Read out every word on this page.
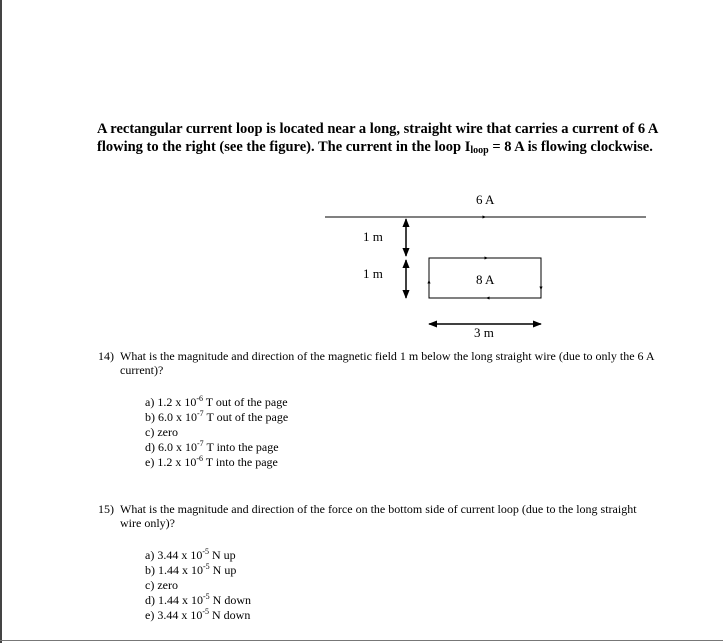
A rectangular current loop is located near a long, straight wire that carries a current of 6 A
flowing to the right (see the figure). The current in the loop $I_{loop} = 8$ A is flowing clockwise.
6 A
1 m
1 m	8 A
3 m
14) What is the magnitude and direction of the magnetic field 1 m below the long straight wire (due to only the 6 A
current)?
a) 1.2 x $10^{-6}$ T out of the page
b) 6.0 x $10^{-7}$ T out of the page
c) zero
d) 6.0 x $10^{-7}$ T into the page
e) 1.2 x $10^{-6}$ T into the page
15) What is the magnitude and direction of the force on the bottom side of current loop (due to the long straight
wire only)?
a) 3.44 x $10^{-5}$ N up
b) 1.44 x $10^{-5}$ N up
c) zero
d) 1.44 x $10^{-5}$ N down
e) 3.44 x $10^{-5}$ N down
